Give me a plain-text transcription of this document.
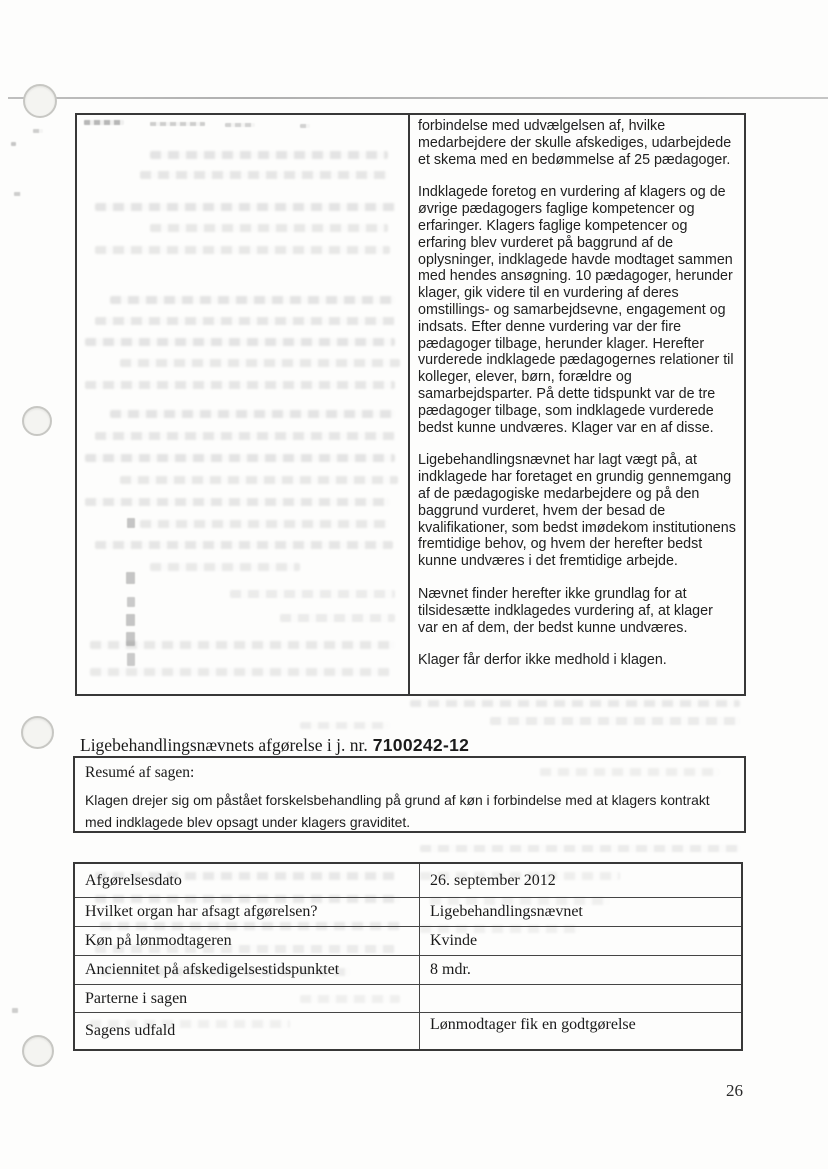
forbindelse med udvælgelsen af, hvilke medarbejdere der skulle afskediges, udarbejdede et skema med en bedømmelse af 25 pædagoger.

Indklagede foretog en vurdering af klagers og de øvrige pædagogers faglige kompetencer og erfaringer. Klagers faglige kompetencer og erfaring blev vurderet på baggrund af de oplysninger, indklagede havde modtaget sammen med hendes ansøgning. 10 pædagoger, herunder klager, gik videre til en vurdering af deres omstillings- og samarbejdsevne, engagement og indsats. Efter denne vurdering var der fire pædagoger tilbage, herunder klager. Herefter vurderede indklagede pædagogernes relationer til kolleger, elever, børn, forældre og samarbejdsparter. På dette tidspunkt var de tre pædagoger tilbage, som indklagede vurderede bedst kunne undværes. Klager var en af disse.

Ligebehandlingsnævnet har lagt vægt på, at indklagede har foretaget en grundig gennemgang af de pædagogiske medarbejdere og på den baggrund vurderet, hvem der besad de kvalifikationer, som bedst imødekom institutionens fremtidige behov, og hvem der herefter bedst kunne undværes i det fremtidige arbejde.

Nævnet finder herefter ikke grundlag for at tilsidesætte indklagedes vurdering af, at klager var en af dem, der bedst kunne undværes.

Klager får derfor ikke medhold i klagen.

Ligebehandlingsnævnets afgørelse i j. nr. 7100242-12
Resumé af sagen:
Klagen drejer sig om påstået forskelsbehandling på grund af køn i forbindelse med at klagers kontrakt med indklagede blev opsagt under klagers graviditet.
Afgørelsesdato	26. september 2012
Hvilket organ har afsagt afgørelsen?	Ligebehandlingsnævnet
Køn på lønmodtageren	Kvinde
Anciennitet på afskedigelsestidspunktet	8 mdr.
Parterne i sagen	
Sagens udfald	Lønmodtager fik en godtgørelse
26
